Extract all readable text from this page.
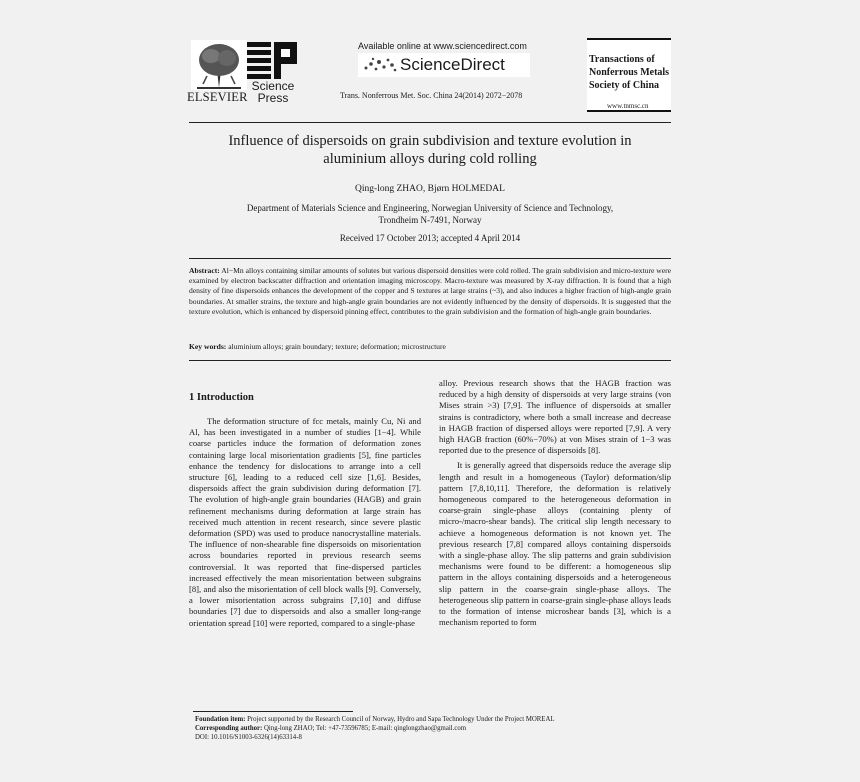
ELSEVIER
Science
Press
Available online at www.sciencedirect.com
ScienceDirect
Trans. Nonferrous Met. Soc. China 24(2014) 2072−2078
Transactions of
Nonferrous Metals
Society of China
www.tnmsc.cn
Influence of dispersoids on grain subdivision and texture evolution in
aluminium alloys during cold rolling
Qing-long ZHAO, Bjørn HOLMEDAL
Department of Materials Science and Engineering, Norwegian University of Science and Technology,
Trondheim N-7491, Norway
Received 17 October 2013; accepted 4 April 2014
Abstract: Al−Mn alloys containing similar amounts of solutes but various dispersoid densities were cold rolled. The grain subdivision and micro-texture were examined by electron backscatter diffraction and orientation imaging microscopy. Macro-texture was measured by X-ray diffraction. It is found that a high density of fine dispersoids enhances the development of the copper and S textures at large strains (~3), and also induces a higher fraction of high-angle grain boundaries. At smaller strains, the texture and high-angle grain boundaries are not evidently influenced by the density of dispersoids. It is suggested that the texture evolution, which is enhanced by dispersoid pinning effect, contributes to the grain subdivision and the formation of high-angle grain boundaries.
Key words: aluminium alloys; grain boundary; texture; deformation; microstructure
1 Introduction

The deformation structure of fcc metals, mainly Cu, Ni and Al, has been investigated in a number of studies [1−4]. While coarse particles induce the formation of deformation zones containing large local misorientation gradients [5], fine particles enhance the tendency for dislocations to arrange into a cell structure [6], leading to a reduced cell size [1,6]. Besides, dispersoids affect the grain subdivision during deformation [7]. The evolution of high-angle grain boundaries (HAGB) and grain refinement mechanisms during deformation at large strain has received much attention in recent research, since severe plastic deformation (SPD) was used to produce nanocrystalline materials. The influence of non-shearable fine dispersoids on misorientation across boundaries reported in previous research seems controversial. It was reported that fine-dispersed particles increased effectively the mean misorientation between subgrains [8], and also the misorientation of cell block walls [9]. Conversely, a lower misorientation across subgrains [7,10] and diffuse boundaries [7] due to dispersoids and also a smaller long-range orientation spread [10] were reported, compared to a single-phase

alloy. Previous research shows that the HAGB fraction was reduced by a high density of dispersoids at very large strains (von Mises strain >3) [7,9]. The influence of dispersoids at smaller strains is contradictory, where both a small increase and decrease in HAGB fraction of dispersed alloys were reported [7,9]. A very high HAGB fraction (60%−70%) at von Mises strain of 1−3 was reported due to the presence of dispersoids [8].

It is generally agreed that dispersoids reduce the average slip length and result in a homogeneous (Taylor) deformation/slip pattern [7,8,10,11]. Therefore, the deformation is relatively homogeneous compared to the heterogeneous deformation in coarse-grain single-phase alloys (containing plenty of micro-/macro-shear bands). The critical slip length necessary to achieve a homogeneous deformation is not known yet. The previous research [7,8] compared alloys containing dispersoids with a single-phase alloy. The slip patterns and grain subdivision mechanisms were found to be different: a homogeneous slip pattern in the alloys containing dispersoids and a heterogeneous slip pattern in the coarse-grain single-phase alloys. The heterogeneous slip pattern in coarse-grain single-phase alloys leads to the formation of intense microshear bands [3], which is a mechanism reported to form

Foundation item: Project supported by the Research Council of Norway, Hydro and Sapa Technology Under the Project MOREAL
Corresponding author: Qing-long ZHAO; Tel: +47-73596785; E-mail: qinglongzhao@gmail.com
DOI: 10.1016/S1003-6326(14)63314-8
